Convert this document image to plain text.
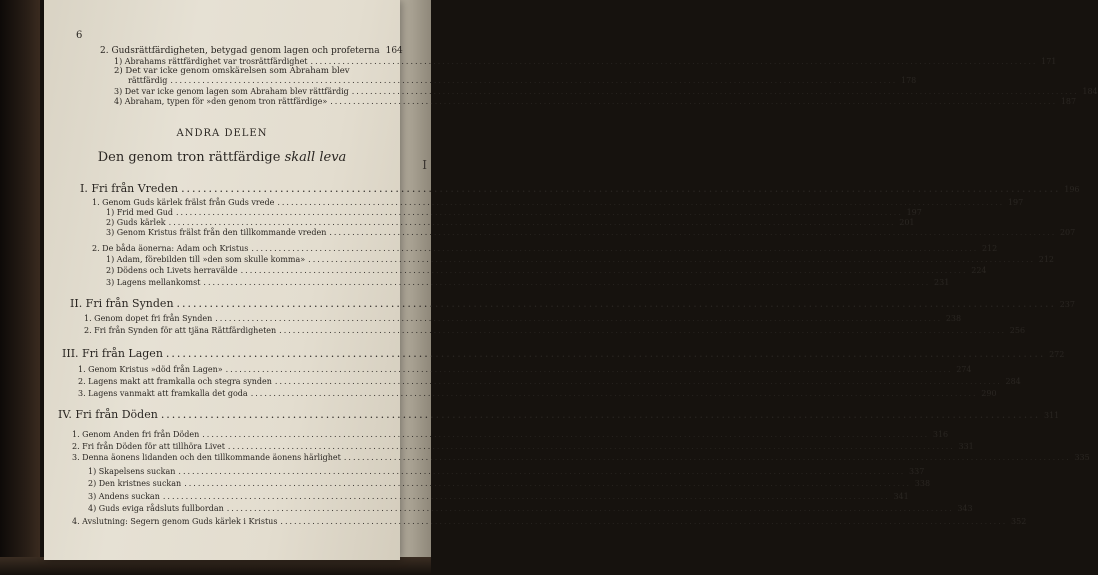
I
6
2. Gudsrättfärdigheten, betygad genom lagen och profeterna 164
1) Abrahams rättfärdighet var trosrättfärdighet .....	171
2) Det var icke genom omskärelsen som Abraham blev
rättfärdig .....	178
3) Det var icke genom lagen som Abraham blev rättfärdig .....	184
4) Abraham, typen för »den genom tron rättfärdige» .....	187
ANDRA DELEN
Den genom tron rättfärdige skall leva
I. Fri från Vreden .....	196
1. Genom Guds kärlek frälst från Guds vrede .....	197
1) Frid med Gud .....	197
2) Guds kärlek .....	201
3) Genom Kristus frälst från den tillkommande vreden .....	207
2. De båda äonerna: Adam och Kristus .....	212
1) Adam, förebilden till »den som skulle komma» .....	212
2) Dödens och Livets herravälde .....	224
3) Lagens mellankomst .....	231
II. Fri från Synden .....	237
1. Genom dopet fri från Synden .....	238
2. Fri från Synden för att tjäna Rättfärdigheten .....	256
III. Fri från Lagen .....	272
1. Genom Kristus »död från Lagen» .....	274
2. Lagens makt att framkalla och stegra synden .....	284
3. Lagens vanmakt att framkalla det goda .....	290
IV. Fri från Döden .....	311
1. Genom Anden fri från Döden .....	316
2. Fri från Döden för att tillhöra Livet .....	331
3. Denna äonens lidanden och den tillkommande äonens härlighet .....	335
1) Skapelsens suckan .....	337
2) Den kristnes suckan .....	338
3) Andens suckan .....	341
4) Guds eviga rådsluts fullbordan .....	343
4. Avslutning: Segern genom Guds kärlek i Kristus .....	352
